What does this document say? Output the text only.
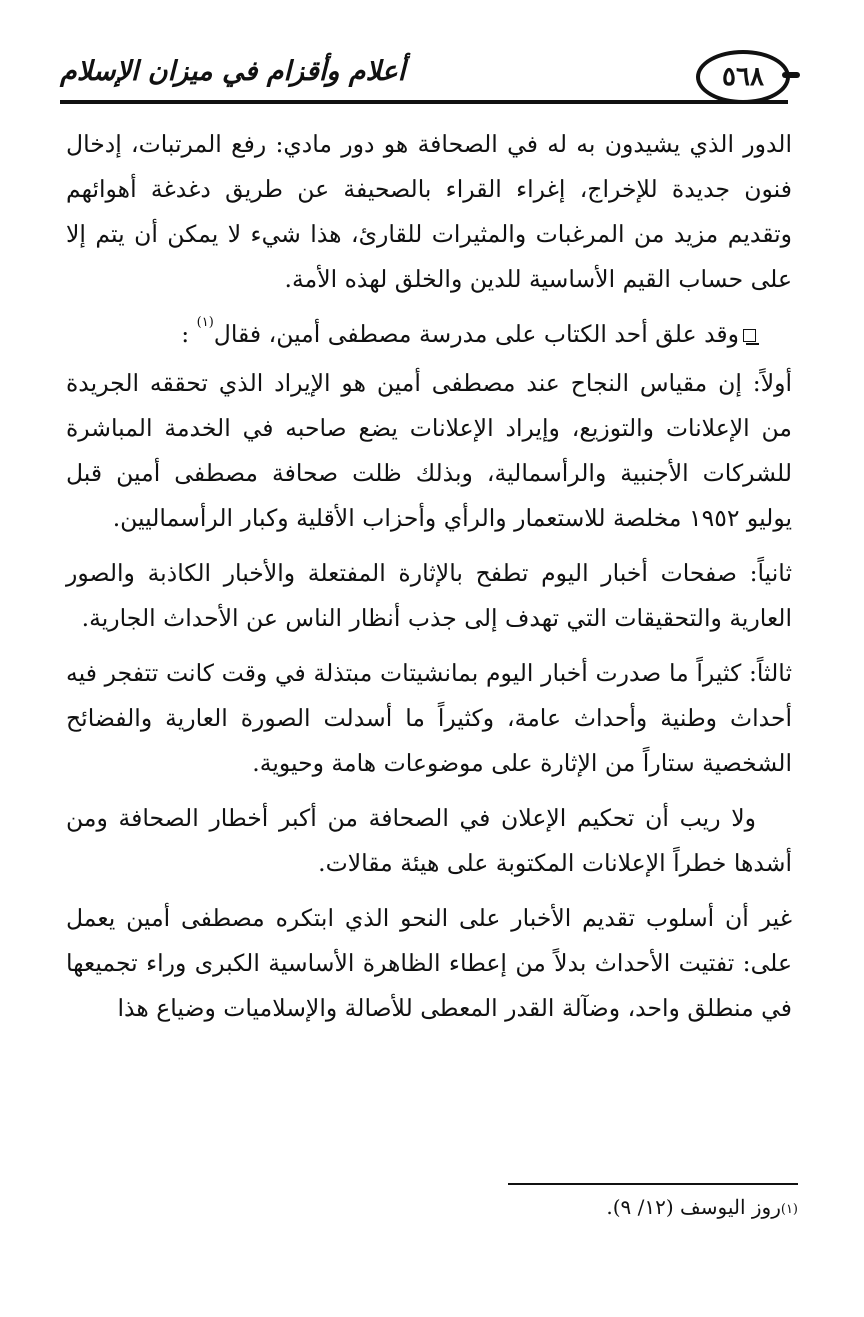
٥٦٨
أعلام وأقزام في ميزان الإسلام

الدور الذي يشيدون به له في الصحافة هو دور مادي: رفع المرتبات، إدخال فنون جديدة للإخراج، إغراء القراء بالصحيفة عن طريق دغدغة أهوائهم وتقديم مزيد من المرغبات والمثيرات للقارئ، هذا شيء لا يمكن أن يتم إلا على حساب القيم الأساسية للدين والخلق لهذه الأمة.

وقد علق أحد الكتاب على مدرسة مصطفى أمين، فقال$^{(١)}$ :

أولاً: إن مقياس النجاح عند مصطفى أمين هو الإيراد الذي تحققه الجريدة من الإعلانات والتوزيع، وإيراد الإعلانات يضع صاحبه في الخدمة المباشرة للشركات الأجنبية والرأسمالية، وبذلك ظلت صحافة مصطفى أمين قبل يوليو ١٩٥٢ مخلصة للاستعمار والرأي وأحزاب الأقلية وكبار الرأسماليين.

ثانياً: صفحات أخبار اليوم تطفح بالإثارة المفتعلة والأخبار الكاذبة والصور العارية والتحقيقات التي تهدف إلى جذب أنظار الناس عن الأحداث الجارية.

ثالثاً: كثيراً ما صدرت أخبار اليوم بمانشيتات مبتذلة في وقت كانت تتفجر فيه أحداث وطنية وأحداث عامة، وكثيراً ما أسدلت الصورة العارية والفضائح الشخصية ستاراً من الإثارة على موضوعات هامة وحيوية.

ولا ريب أن تحكيم الإعلان في الصحافة من أكبر أخطار الصحافة ومن أشدها خطراً الإعلانات المكتوبة على هيئة مقالات.

غير أن أسلوب تقديم الأخبار على النحو الذي ابتكره مصطفى أمين يعمل على: تفتيت الأحداث بدلاً من إعطاء الظاهرة الأساسية الكبرى وراء تجميعها في منطلق واحد، وضآلة القدر المعطى للأصالة والإسلاميات وضياع هذا

$^{(١)}$روز اليوسف (١٢/ ٩).
